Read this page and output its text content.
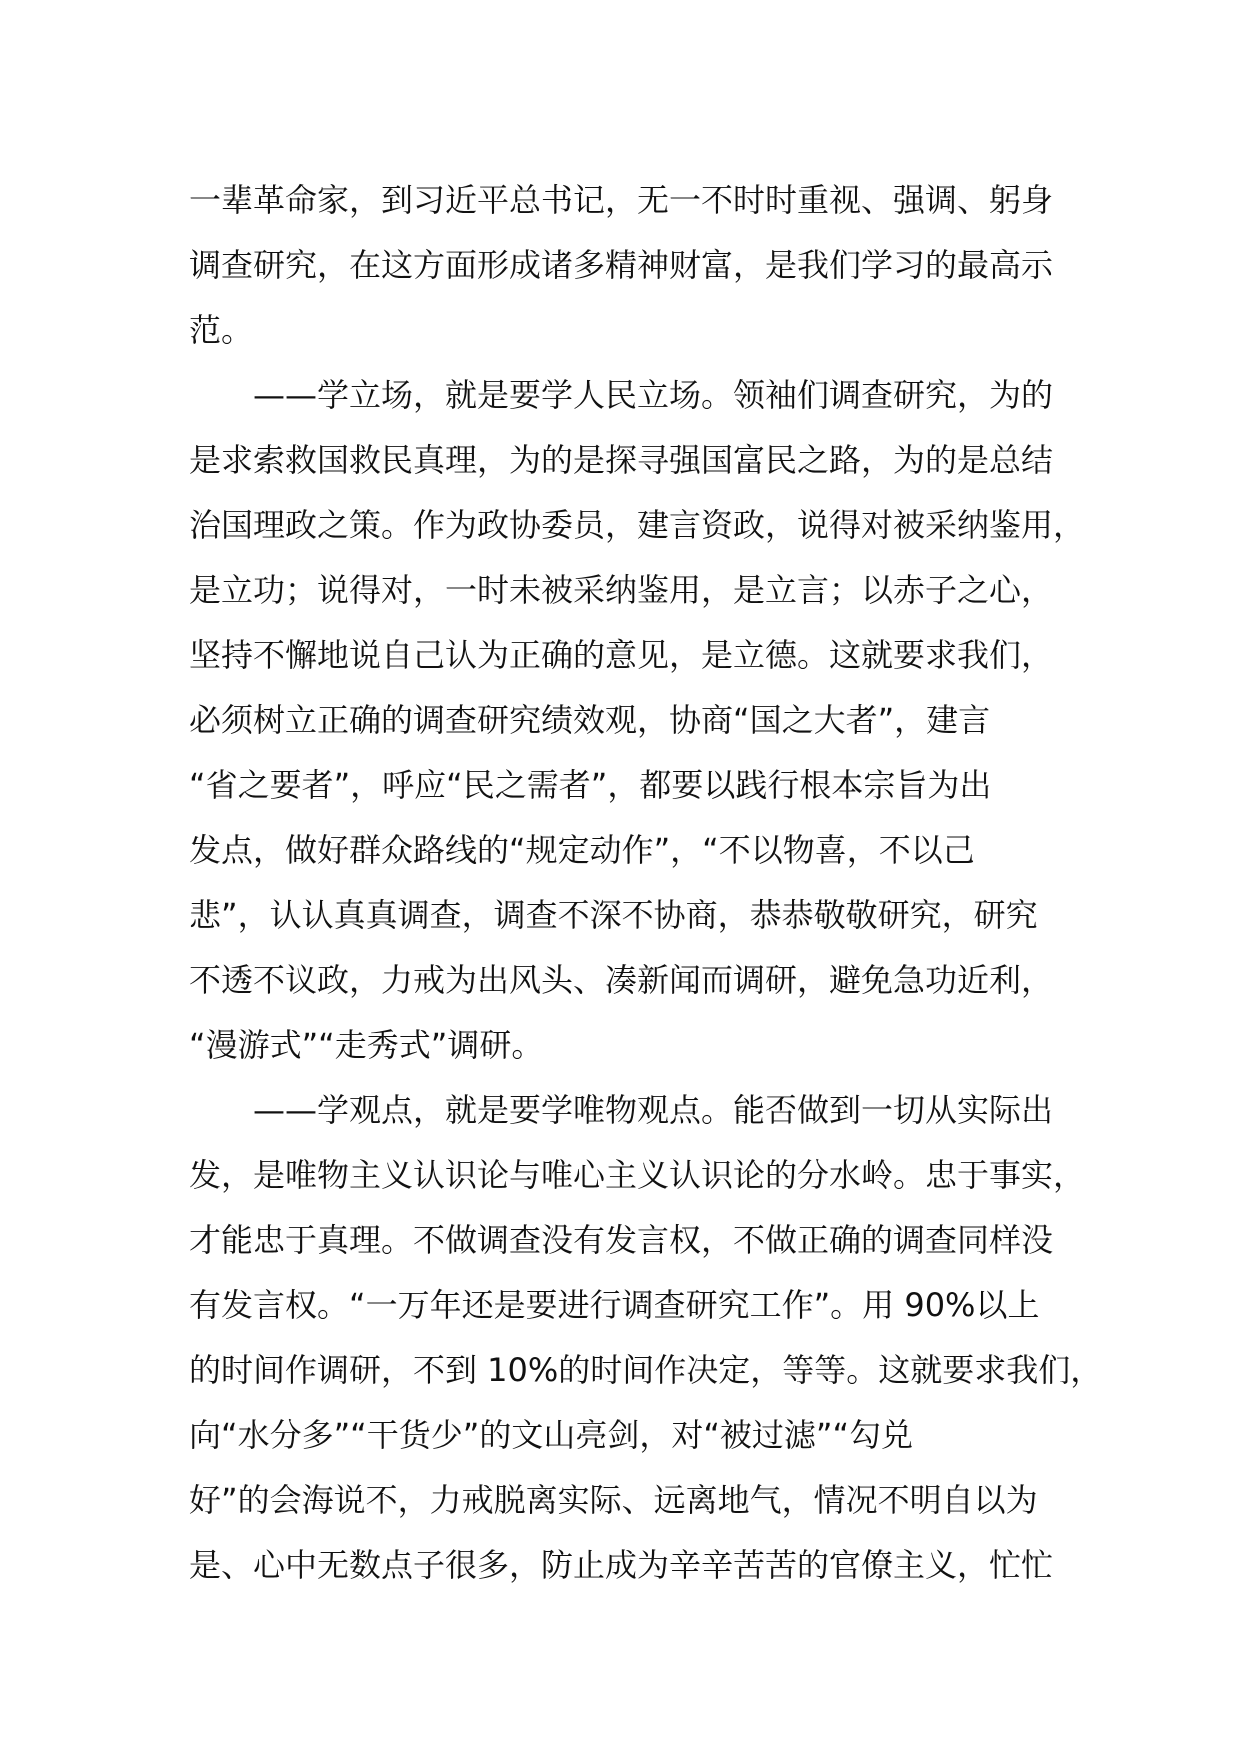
一辈革命家，到习近平总书记，无一不时时重视、强调、躬身
调查研究，在这方面形成诸多精神财富，是我们学习的最高示
范。
——学立场，就是要学人民立场。领袖们调查研究，为的
是求索救国救民真理，为的是探寻强国富民之路，为的是总结
治国理政之策。作为政协委员，建言资政，说得对被采纳鉴用，
是立功；说得对，一时未被采纳鉴用，是立言；以赤子之心，
坚持不懈地说自己认为正确的意见，是立德。这就要求我们，
必须树立正确的调查研究绩效观，协商“国之大者”，建言
“省之要者”，呼应“民之需者”，都要以践行根本宗旨为出
发点，做好群众路线的“规定动作”，“不以物喜，不以己
悲”，认认真真调查，调查不深不协商，恭恭敬敬研究，研究
不透不议政，力戒为出风头、凑新闻而调研，避免急功近利，
“漫游式”“走秀式”调研。
——学观点，就是要学唯物观点。能否做到一切从实际出
发，是唯物主义认识论与唯心主义认识论的分水岭。忠于事实，
才能忠于真理。不做调查没有发言权，不做正确的调查同样没
有发言权。“一万年还是要进行调查研究工作”。用 90%以上
的时间作调研，不到 10%的时间作决定，等等。这就要求我们，
向“水分多”“干货少”的文山亮剑，对“被过滤”“勾兑
好”的会海说不，力戒脱离实际、远离地气，情况不明自以为
是、心中无数点子很多，防止成为辛辛苦苦的官僚主义，忙忙
